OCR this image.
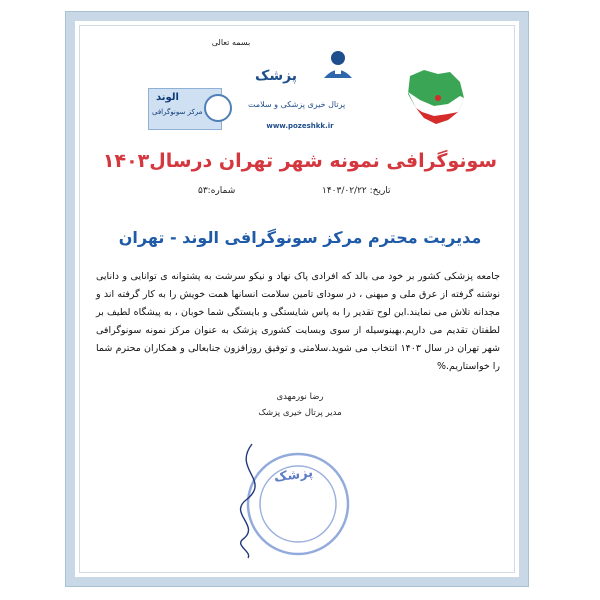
بسمه تعالی
پزشک
پرتال خیری پزشکی و سلامت
www.pozeshkk.ir
الوند
مرکز سونوگرافی
سونوگرافی نمونه شهر تهران درسال۱۴۰۳
تاریخ: ۱۴۰۳/۰۲/۲۲
شماره:۵۳
مدیریت محترم مرکز سونوگرافی الوند - تهران
جامعه پزشکی کشور بر خود می بالد که افرادی پاک نهاد و نیکو سرشت به پشتوانه ی توانایی و دانایی نوشته گرفته از عرق ملی و میهنی ، در سودای تامین سلامت انسانها همت خویش را به کار گرفته اند و مجدانه تلاش می نمایند.این لوح تقدیر را به پاس شایستگی و بایستگی شما خوبان ، به پیشگاه لطیف بر لطفتان تقدیم می داریم.بهینوسیله از سوی وبسایت کشوری پزشک به عنوان مرکز نمونه سونوگرافی شهر تهران در سال ۱۴۰۳ انتخاب می شوید.سلامتی و توفیق روزافزون جنابعالی و همکاران محترم شما را خواستاریم.%
رضا نورمهدی
مدیر پرتال خیری پزشک
پزشک
